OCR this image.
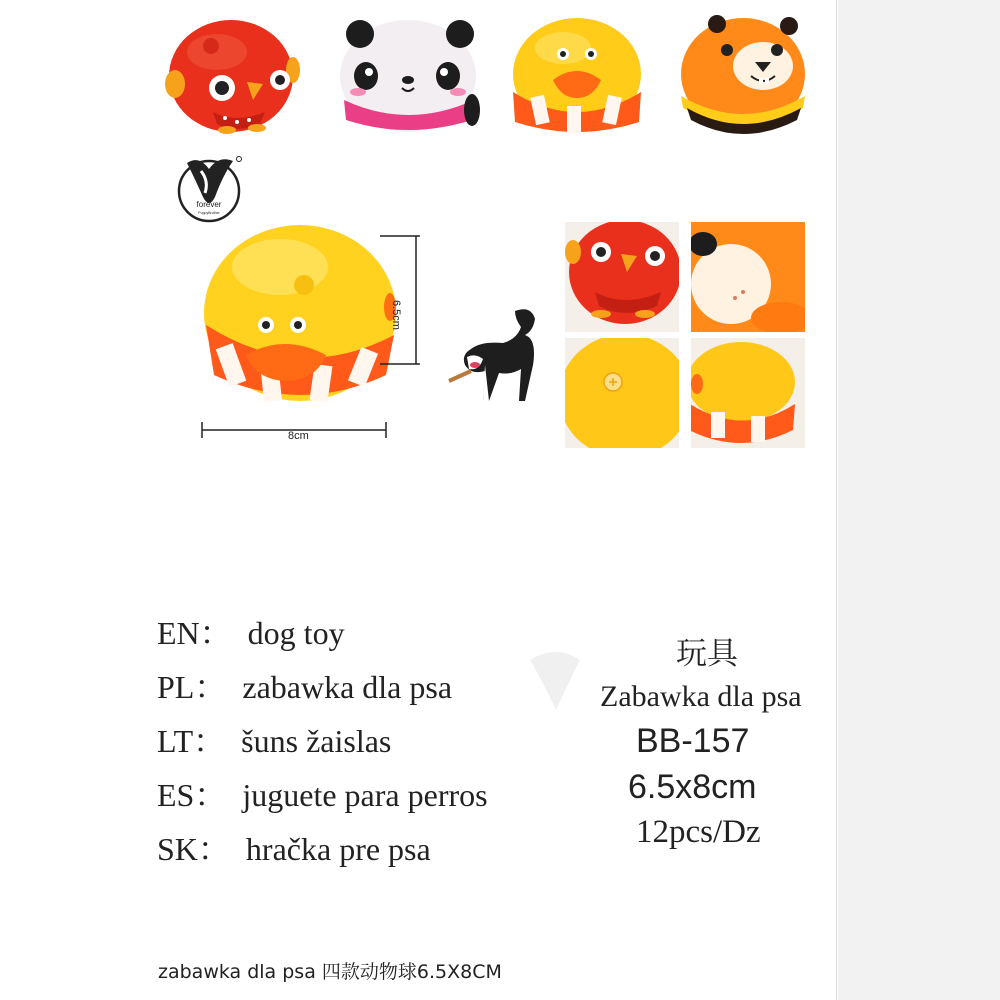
forever
PuppyBrother
6.5cm
8cm
EN： dog toy
PL： zabawka dla psa
LT： šuns žaislas
ES： juguete para perros
SK： hračka pre psa
玩具
Zabawka dla psa
BB-157
6.5x8cm
12pcs/Dz
zabawka dla psa 四款动物球6.5X8CM
